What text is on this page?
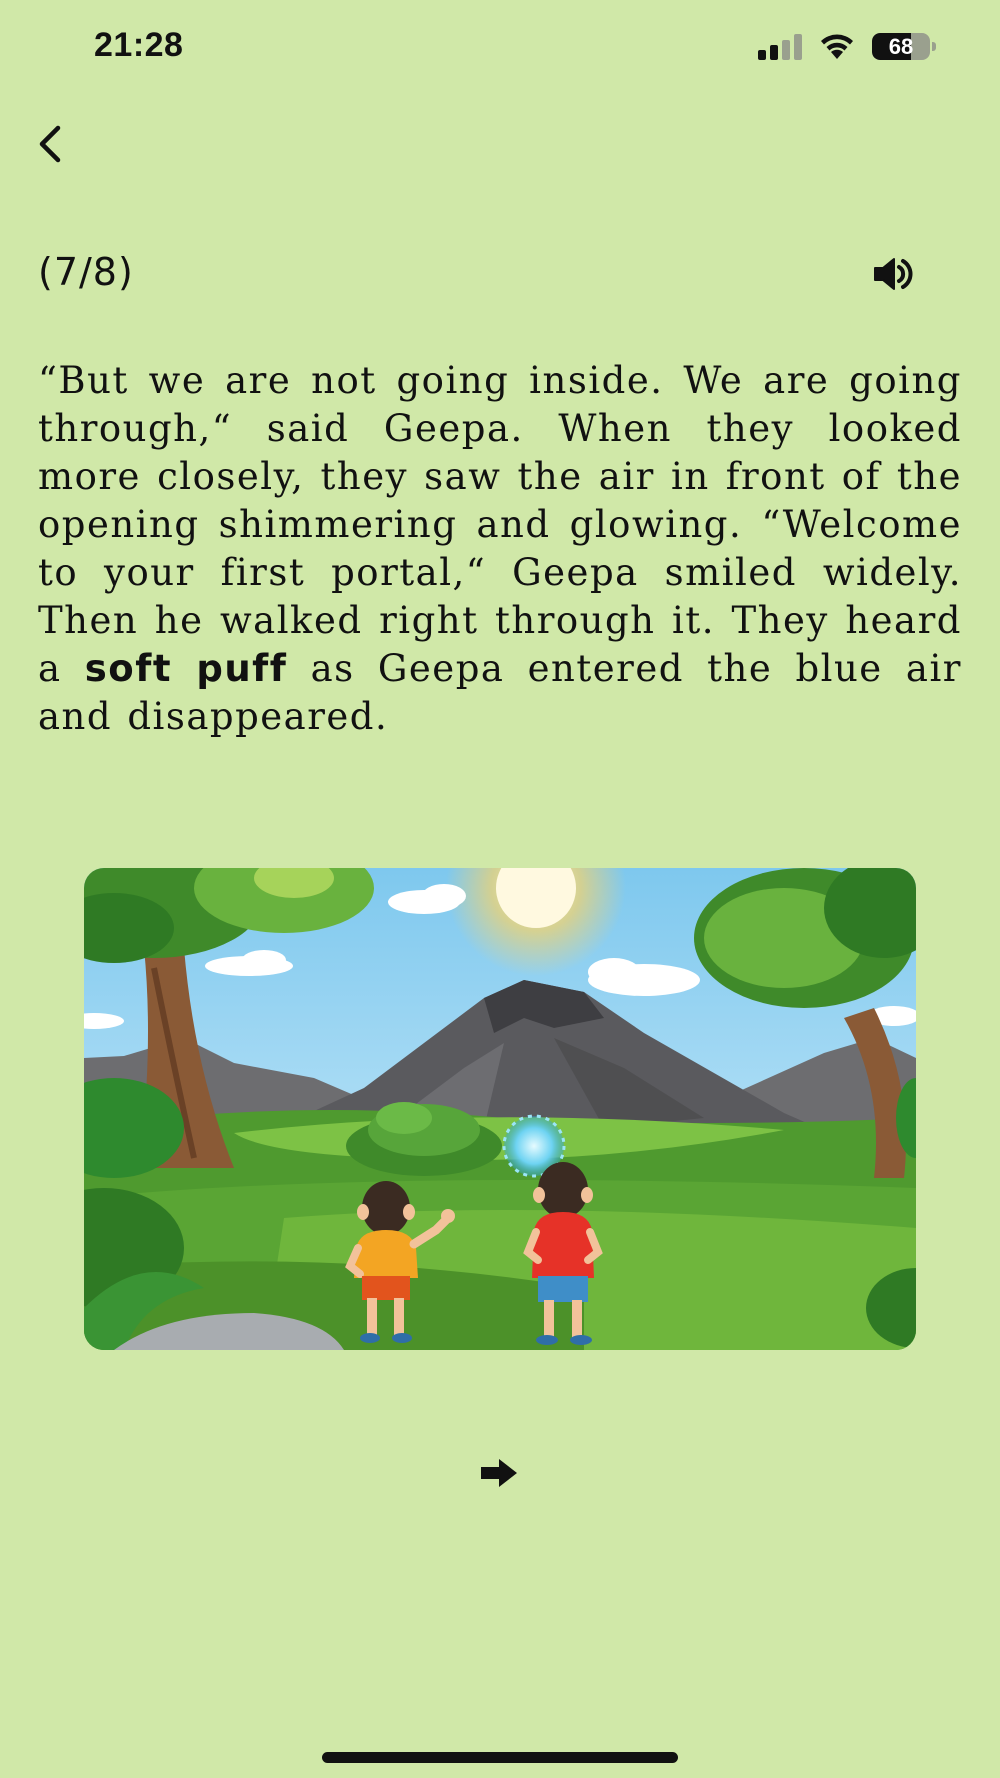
21:28	68
(7/8)

“But we are not going inside. We are going through,“ said Geepa. When they looked more closely, they saw the air in front of the opening shimmering and glowing. “Welcome to your first portal,“ Geepa smiled widely. Then he walked right through it. They heard a soft puff as Geepa entered the blue air and disappeared.
